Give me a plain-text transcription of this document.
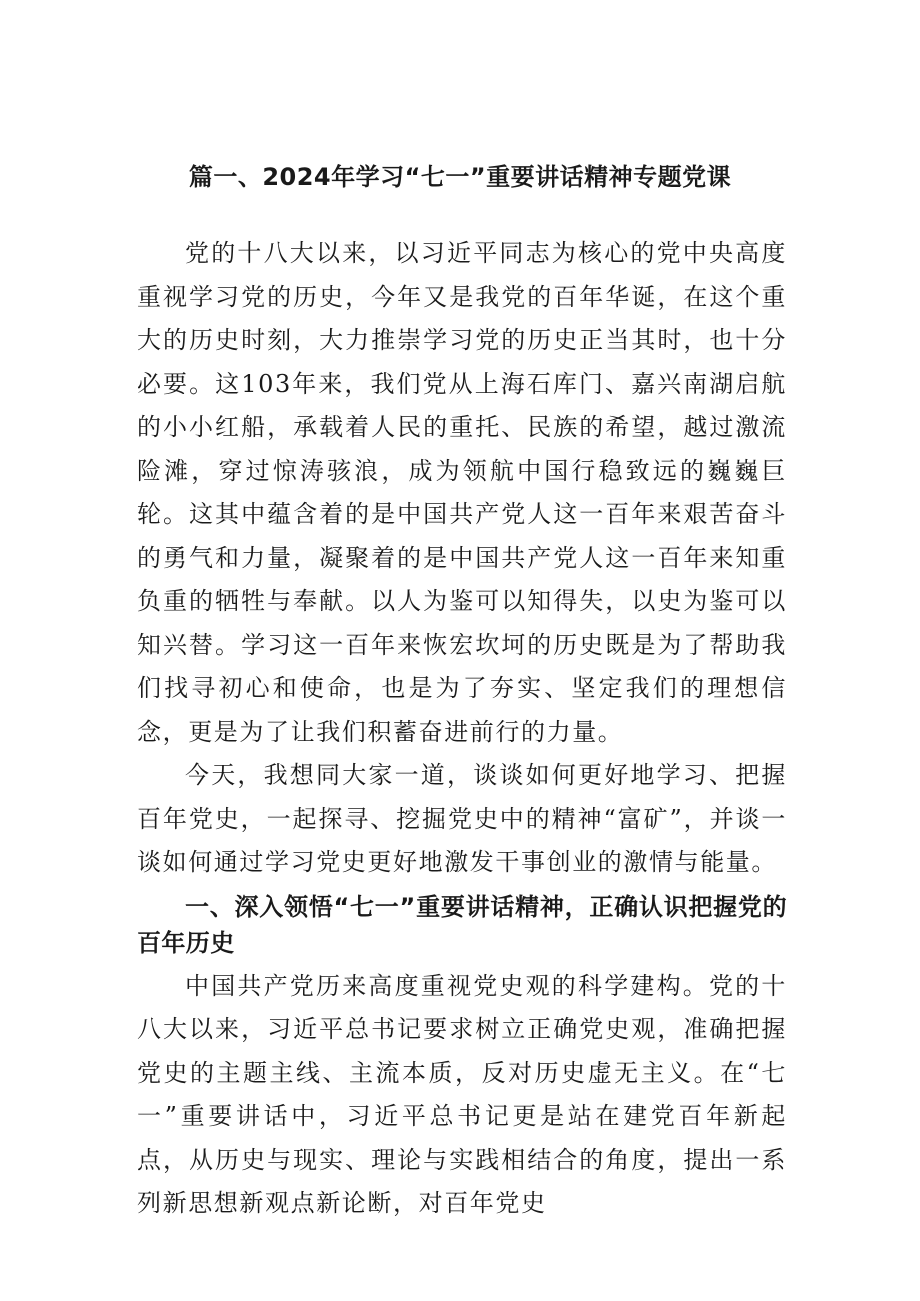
篇一、2024年学习“七一”重要讲话精神专题党课

党的十八大以来，以习近平同志为核心的党中央高度重视学习党的历史，今年又是我党的百年华诞，在这个重大的历史时刻，大力推崇学习党的历史正当其时，也十分必要。这103年来，我们党从上海石库门、嘉兴南湖启航的小小红船，承载着人民的重托、民族的希望，越过激流险滩，穿过惊涛骇浪，成为领航中国行稳致远的巍巍巨轮。这其中蕴含着的是中国共产党人这一百年来艰苦奋斗的勇气和力量，凝聚着的是中国共产党人这一百年来知重负重的牺牲与奉献。以人为鉴可以知得失，以史为鉴可以知兴替。学习这一百年来恢宏坎坷的历史既是为了帮助我们找寻初心和使命，也是为了夯实、坚定我们的理想信念，更是为了让我们积蓄奋进前行的力量。

今天，我想同大家一道，谈谈如何更好地学习、把握百年党史，一起探寻、挖掘党史中的精神“富矿”，并谈一谈如何通过学习党史更好地激发干事创业的激情与能量。

一、深入领悟“七一”重要讲话精神，正确认识把握党的百年历史

中国共产党历来高度重视党史观的科学建构。党的十八大以来，习近平总书记要求树立正确党史观，准确把握党史的主题主线、主流本质，反对历史虚无主义。在“七一”重要讲话中，习近平总书记更是站在建党百年新起点，从历史与现实、理论与实践相结合的角度，提出一系列新思想新观点新论断，对百年党史
